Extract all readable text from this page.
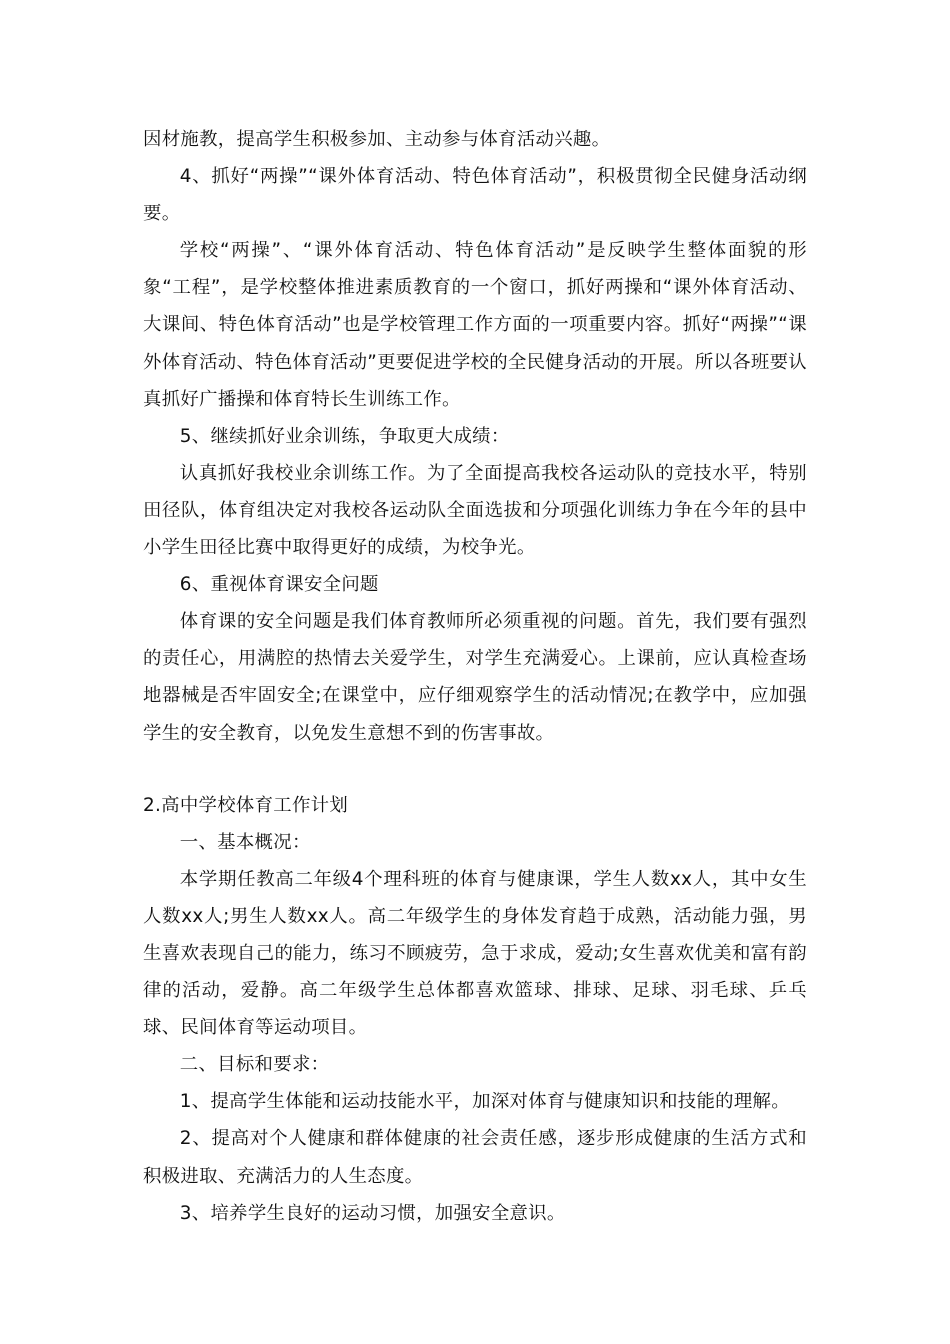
因材施教，提高学生积极参加、主动参与体育活动兴趣。

4、抓好“两操”“课外体育活动、特色体育活动”，积极贯彻全民健身活动纲要。

学校“两操”、“课外体育活动、特色体育活动”是反映学生整体面貌的形象“工程”，是学校整体推进素质教育的一个窗口，抓好两操和“课外体育活动、大课间、特色体育活动”也是学校管理工作方面的一项重要内容。抓好“两操”“课外体育活动、特色体育活动”更要促进学校的全民健身活动的开展。所以各班要认真抓好广播操和体育特长生训练工作。

5、继续抓好业余训练，争取更大成绩：

认真抓好我校业余训练工作。为了全面提高我校各运动队的竞技水平，特别田径队，体育组决定对我校各运动队全面选拔和分项强化训练力争在今年的县中小学生田径比赛中取得更好的成绩，为校争光。

6、重视体育课安全问题

体育课的安全问题是我们体育教师所必须重视的问题。首先，我们要有强烈的责任心，用满腔的热情去关爱学生，对学生充满爱心。上课前，应认真检查场地器械是否牢固安全;在课堂中，应仔细观察学生的活动情况;在教学中，应加强学生的安全教育，以免发生意想不到的伤害事故。

2.高中学校体育工作计划

一、基本概况：

本学期任教高二年级4个理科班的体育与健康课，学生人数xx人，其中女生人数xx人;男生人数xx人。高二年级学生的身体发育趋于成熟，活动能力强，男生喜欢表现自己的能力，练习不顾疲劳，急于求成，爱动;女生喜欢优美和富有韵律的活动，爱静。高二年级学生总体都喜欢篮球、排球、足球、羽毛球、乒乓球、民间体育等运动项目。

二、目标和要求：

1、提高学生体能和运动技能水平，加深对体育与健康知识和技能的理解。

2、提高对个人健康和群体健康的社会责任感，逐步形成健康的生活方式和积极进取、充满活力的人生态度。

3、培养学生良好的运动习惯，加强安全意识。
